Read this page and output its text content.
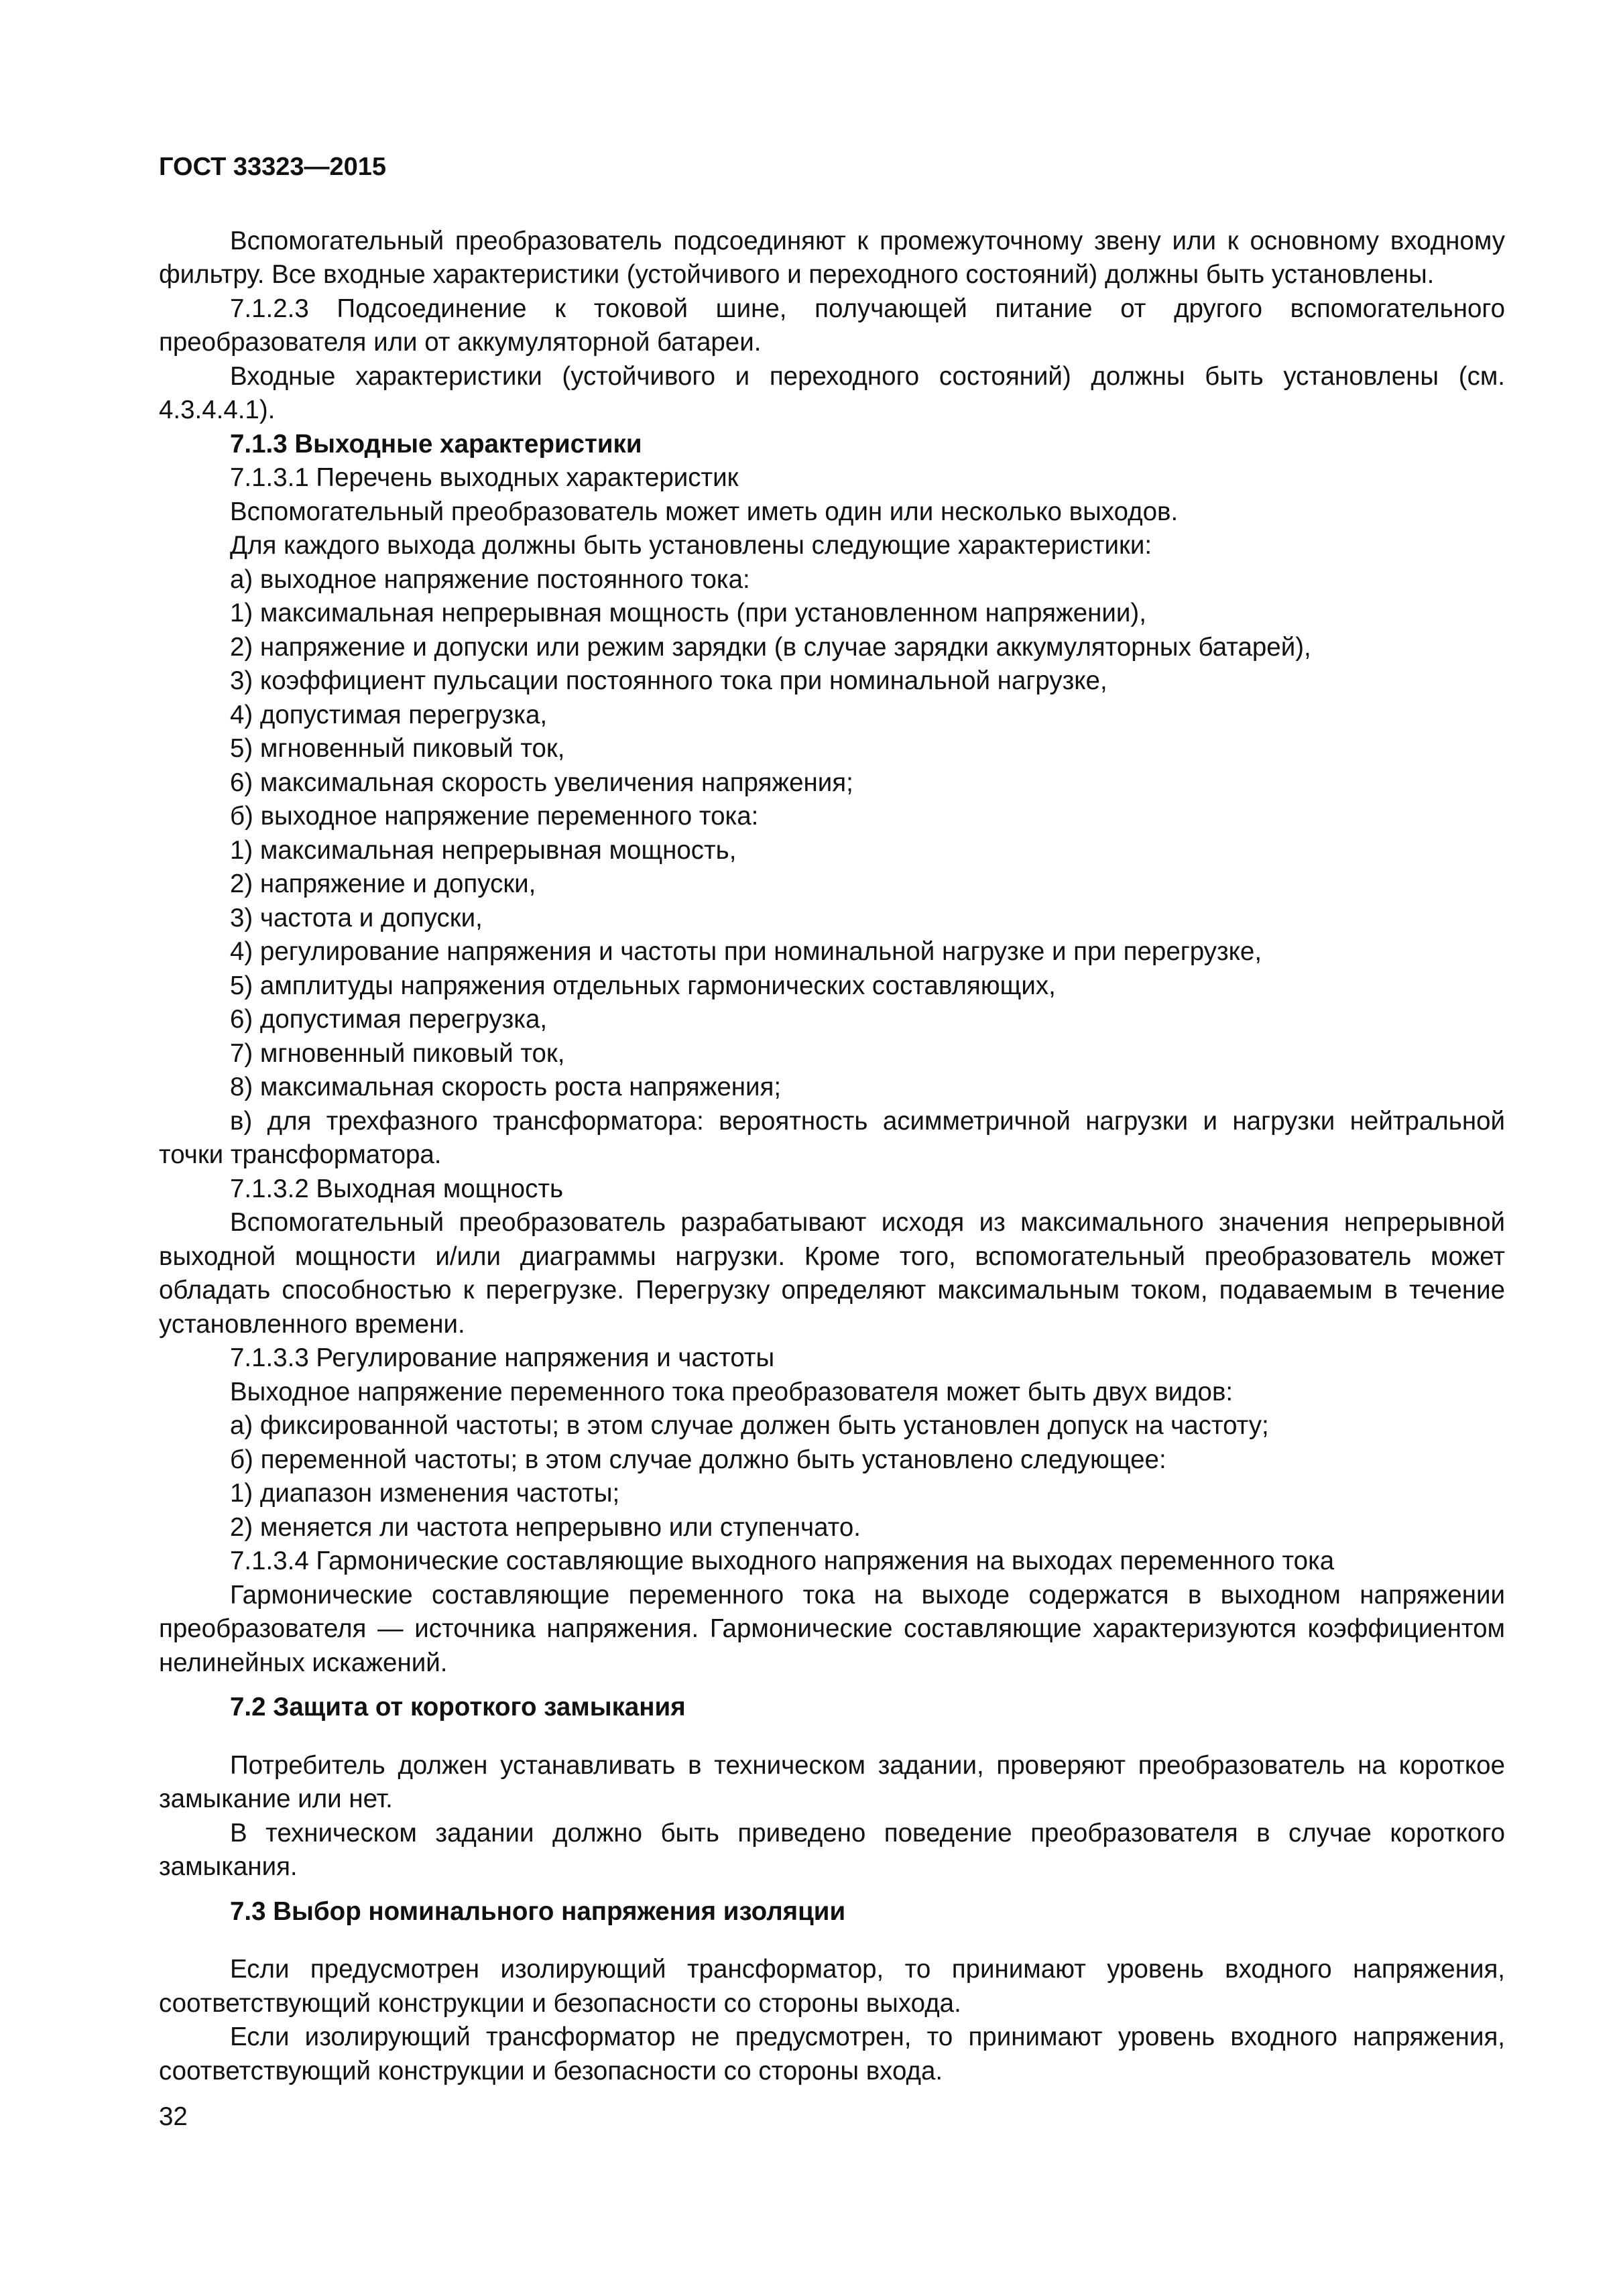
ГОСТ 33323—2015
Вспомогательный преобразователь подсоединяют к промежуточному звену или к основному входному фильтру. Все входные характеристики (устойчивого и переходного состояний) должны быть установлены.
7.1.2.3 Подсоединение к токовой шине, получающей питание от другого вспомогательного преобразователя или от аккумуляторной батареи.
Входные характеристики (устойчивого и переходного состояний) должны быть установлены (см. 4.3.4.4.1).
7.1.3 Выходные характеристики
7.1.3.1 Перечень выходных характеристик
Вспомогательный преобразователь может иметь один или несколько выходов.
Для каждого выхода должны быть установлены следующие характеристики:
а) выходное напряжение постоянного тока:
1) максимальная непрерывная мощность (при установленном напряжении),
2) напряжение и допуски или режим зарядки (в случае зарядки аккумуляторных батарей),
3) коэффициент пульсации постоянного тока при номинальной нагрузке,
4) допустимая перегрузка,
5) мгновенный пиковый ток,
6) максимальная скорость увеличения напряжения;
б) выходное напряжение переменного тока:
1) максимальная непрерывная мощность,
2) напряжение и допуски,
3) частота и допуски,
4) регулирование напряжения и частоты при номинальной нагрузке и при перегрузке,
5) амплитуды напряжения отдельных гармонических составляющих,
6) допустимая перегрузка,
7) мгновенный пиковый ток,
8) максимальная скорость роста напряжения;
в) для трехфазного трансформатора: вероятность асимметричной нагрузки и нагрузки нейтральной точки трансформатора.
7.1.3.2 Выходная мощность
Вспомогательный преобразователь разрабатывают исходя из максимального значения непрерывной выходной мощности и/или диаграммы нагрузки. Кроме того, вспомогательный преобразователь может обладать способностью к перегрузке. Перегрузку определяют максимальным током, подаваемым в течение установленного времени.
7.1.3.3 Регулирование напряжения и частоты
Выходное напряжение переменного тока преобразователя может быть двух видов:
а) фиксированной частоты; в этом случае должен быть установлен допуск на частоту;
б) переменной частоты; в этом случае должно быть установлено следующее:
1) диапазон изменения частоты;
2) меняется ли частота непрерывно или ступенчато.
7.1.3.4 Гармонические составляющие выходного напряжения на выходах переменного тока
Гармонические составляющие переменного тока на выходе содержатся в выходном напряжении преобразователя — источника напряжения. Гармонические составляющие характеризуются коэффициентом нелинейных искажений.
7.2 Защита от короткого замыкания
Потребитель должен устанавливать в техническом задании, проверяют преобразователь на короткое замыкание или нет.
В техническом задании должно быть приведено поведение преобразователя в случае короткого замыкания.
7.3 Выбор номинального напряжения изоляции
Если предусмотрен изолирующий трансформатор, то принимают уровень входного напряжения, соответствующий конструкции и безопасности со стороны выхода.
Если изолирующий трансформатор не предусмотрен, то принимают уровень входного напряжения, соответствующий конструкции и безопасности со стороны входа.
32
